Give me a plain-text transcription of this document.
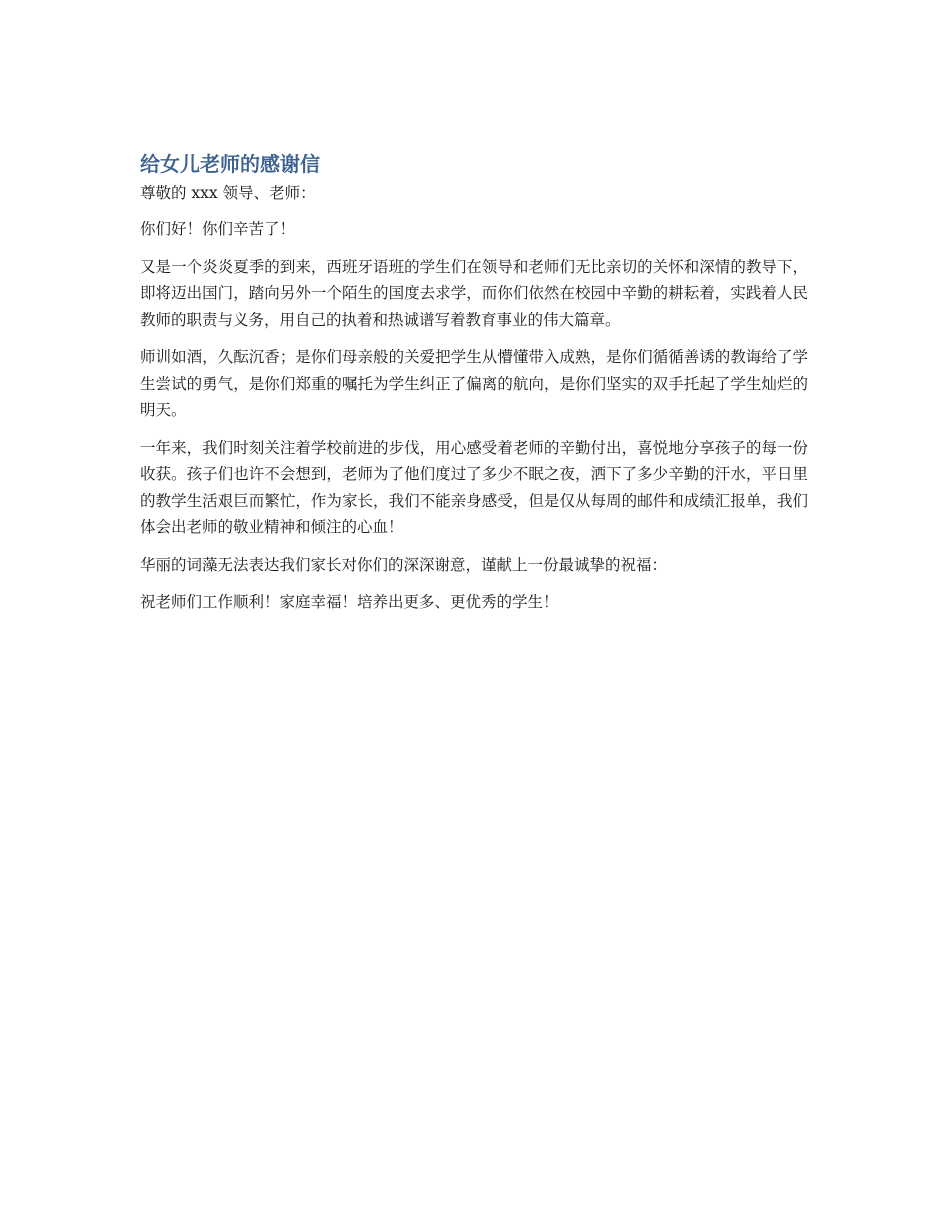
给女儿老师的感谢信

尊敬的 xxx 领导、老师：

你们好！你们辛苦了！

又是一个炎炎夏季的到来，西班牙语班的学生们在领导和老师们无比亲切的关怀和深情的教导下，即将迈出国门，踏向另外一个陌生的国度去求学，而你们依然在校园中辛勤的耕耘着，实践着人民教师的职责与义务，用自己的执着和热诚谱写着教育事业的伟大篇章。

师训如酒，久酝沉香；是你们母亲般的关爱把学生从懵懂带入成熟，是你们循循善诱的教诲给了学生尝试的勇气，是你们郑重的嘱托为学生纠正了偏离的航向，是你们坚实的双手托起了学生灿烂的明天。

一年来，我们时刻关注着学校前进的步伐，用心感受着老师的辛勤付出，喜悦地分享孩子的每一份收获。孩子们也许不会想到，老师为了他们度过了多少不眠之夜，洒下了多少辛勤的汗水，平日里的教学生活艰巨而繁忙，作为家长，我们不能亲身感受，但是仅从每周的邮件和成绩汇报单，我们体会出老师的敬业精神和倾注的心血！

华丽的词藻无法表达我们家长对你们的深深谢意，谨献上一份最诚挚的祝福：

祝老师们工作顺利！家庭幸福！培养出更多、更优秀的学生！
